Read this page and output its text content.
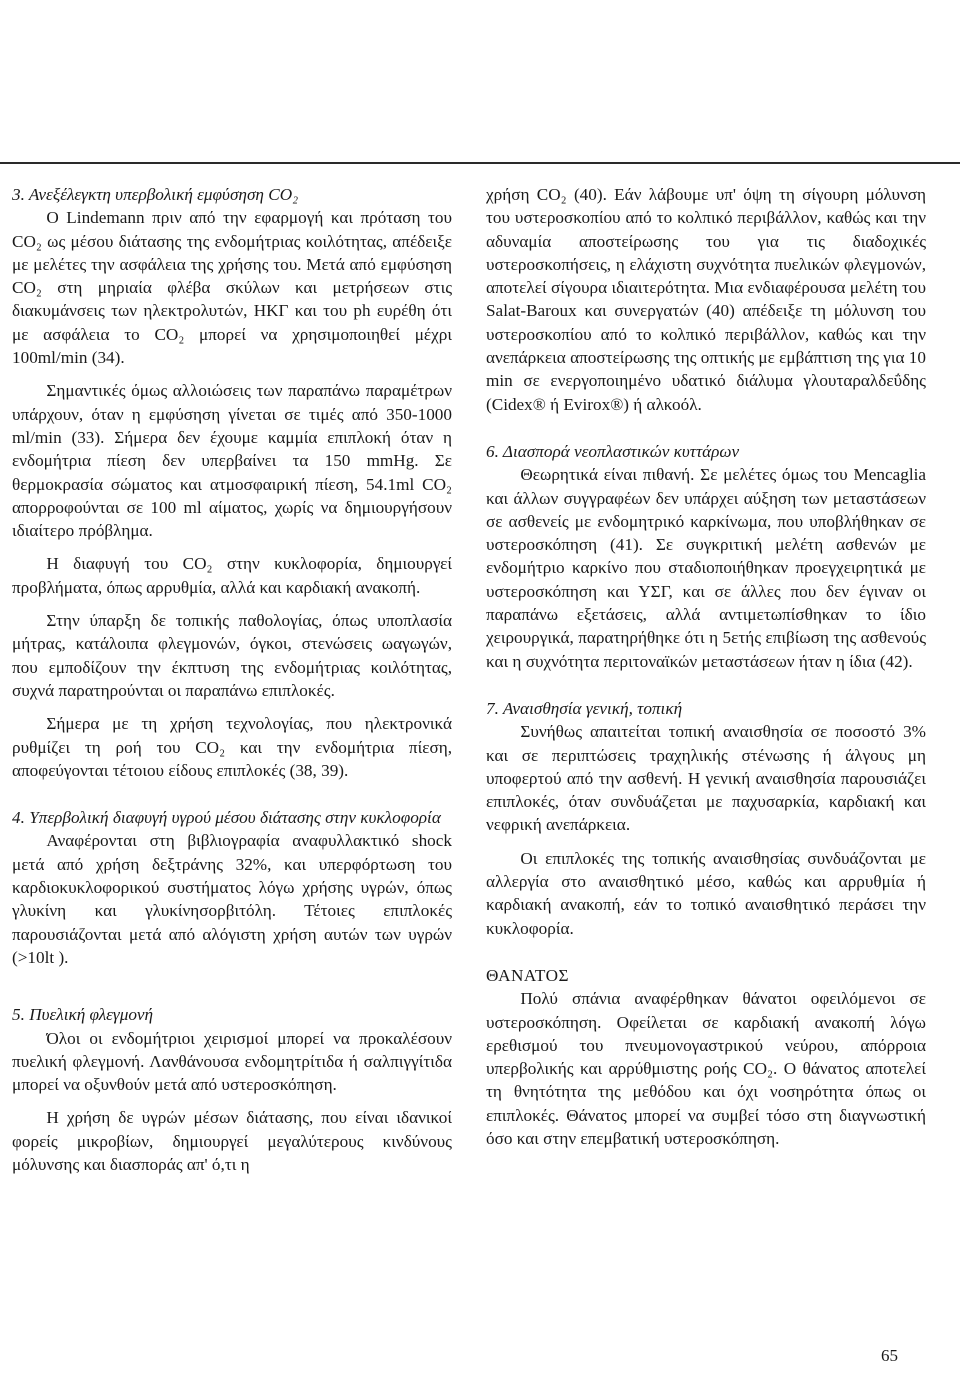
3. Ανεξέλεγκτη υπερβολική εμφύσηση CO₂

Ο Lindemann πριν από την εφαρμογή και πρόταση του CO₂ ως μέσου διάτασης της ενδομήτριας κοιλότητας, απέδειξε με μελέτες την ασφάλεια της χρήσης του. Μετά από εμφύσηση CO₂ στη μηριαία φλέβα σκύλων και μετρήσεων στις διακυμάνσεις των ηλεκτρολυτών, ΗΚΓ και του ph ευρέθη ότι με ασφάλεια το CO₂ μπορεί να χρησιμοποιηθεί μέχρι 100ml/min (34).

Σημαντικές όμως αλλοιώσεις των παραπάνω παραμέτρων υπάρχουν, όταν η εμφύσηση γίνεται σε τιμές από 350-1000 ml/min (33). Σήμερα δεν έχουμε καμμία επιπλοκή όταν η ενδομήτρια πίεση δεν υπερβαίνει τα 150 mmHg. Σε θερμοκρασία σώματος και ατμοσφαιρική πίεση, 54.1ml CO₂ απορροφούνται σε 100 ml αίματος, χωρίς να δημιουργήσουν ιδιαίτερο πρόβλημα.

Η διαφυγή του CO₂ στην κυκλοφορία, δημιουργεί προβλήματα, όπως αρρυθμία, αλλά και καρδιακή ανακοπή.

Στην ύπαρξη δε τοπικής παθολογίας, όπως υποπλασία μήτρας, κατάλοιπα φλεγμονών, όγκοι, στενώσεις ωαγωγών, που εμποδίζουν την έκπτυση της ενδομήτριας κοιλότητας, συχνά παρατηρούνται οι παραπάνω επιπλοκές.

Σήμερα με τη χρήση τεχνολογίας, που ηλεκτρονικά ρυθμίζει τη ροή του CO₂ και την ενδομήτρια πίεση, αποφεύγονται τέτοιου είδους επιπλοκές (38, 39).

4. Υπερβολική διαφυγή υγρού μέσου διάτασης στην κυκλοφορία

Αναφέρονται στη βιβλιογραφία αναφυλλακτικό shock μετά από χρήση δεξτράνης 32%, και υπερφόρτωση του καρδιοκυκλοφορικού συστήματος λόγω χρήσης υγρών, όπως γλυκίνη και γλυκίνησορβιτόλη. Τέτοιες επιπλοκές παρουσιάζονται μετά από αλόγιστη χρήση αυτών των υγρών (>10lt ).

5. Πυελική φλεγμονή

Όλοι οι ενδομήτριοι χειρισμοί μπορεί να προκαλέσουν πυελική φλεγμονή. Λανθάνουσα ενδομητρίτιδα ή σαλπιγγίτιδα μπορεί να οξυνθούν μετά από υστεροσκόπηση.

Η χρήση δε υγρών μέσων διάτασης, που είναι ιδανικοί φορείς μικροβίων, δημιουργεί μεγαλύτερους κινδύνους μόλυνσης και διασποράς απ' ό,τι η

χρήση CO₂ (40). Εάν λάβουμε υπ' όψη τη σίγουρη μόλυνση του υστεροσκοπίου από το κολπικό περιβάλλον, καθώς και την αδυναμία αποστείρωσης του για τις διαδοχικές υστεροσκοπήσεις, η ελάχιστη συχνότητα πυελικών φλεγμονών, αποτελεί σίγουρα ιδιαιτερότητα. Μια ενδιαφέρουσα μελέτη του Salat-Baroux και συνεργατών (40) απέδειξε τη μόλυνση του υστεροσκοπίου από το κολπικό περιβάλλον, καθώς και την ανεπάρκεια αποστείρωσης της οπτικής με εμβάπτιση της για 10 min σε ενεργοποιημένο υδατικό διάλυμα γλουταραλδεΰδης (Cidex® ή Evirox®) ή αλκοόλ.

6. Διασπορά νεοπλαστικών κυττάρων

Θεωρητικά είναι πιθανή. Σε μελέτες όμως του Mencaglia και άλλων συγγραφέων δεν υπάρχει αύξηση των μεταστάσεων σε ασθενείς με ενδομητρικό καρκίνωμα, που υποβλήθηκαν σε υστεροσκόπηση (41). Σε συγκριτική μελέτη ασθενών με ενδομήτριο καρκίνο που σταδιοποιήθηκαν προεγχειρητικά με υστεροσκόπηση και ΥΣΓ, και σε άλλες που δεν έγιναν οι παραπάνω εξετάσεις, αλλά αντιμετωπίσθηκαν το ίδιο χειρουργικά, παρατηρήθηκε ότι η 5ετής επιβίωση της ασθενούς και η συχνότητα περιτοναϊκών μεταστάσεων ήταν η ίδια (42).

7. Αναισθησία γενική, τοπική

Συνήθως απαιτείται τοπική αναισθησία σε ποσοστό 3% και σε περιπτώσεις τραχηλικής στένωσης ή άλγους μη υποφερτού από την ασθενή. Η γενική αναισθησία παρουσιάζει επιπλοκές, όταν συνδυάζεται με παχυσαρκία, καρδιακή και νεφρική ανεπάρκεια.

Οι επιπλοκές της τοπικής αναισθησίας συνδυάζονται με αλλεργία στο αναισθητικό μέσο, καθώς και αρρυθμία ή καρδιακή ανακοπή, εάν το τοπικό αναισθητικό περάσει την κυκλοφορία.

ΘΑΝΑΤΟΣ

Πολύ σπάνια αναφέρθηκαν θάνατοι οφειλόμενοι σε υστεροσκόπηση. Οφείλεται σε καρδιακή ανακοπή λόγω ερεθισμού του πνευμονογαστρικού νεύρου, απόρροια υπερβολικής και αρρύθμιστης ροής CO₂. Ο θάνατος αποτελεί τη θνητότητα της μεθόδου και όχι νοσηρότητα όπως οι επιπλοκές. Θάνατος μπορεί να συμβεί τόσο στη διαγνωστική όσο και στην επεμβατική υστεροσκόπηση.

65
